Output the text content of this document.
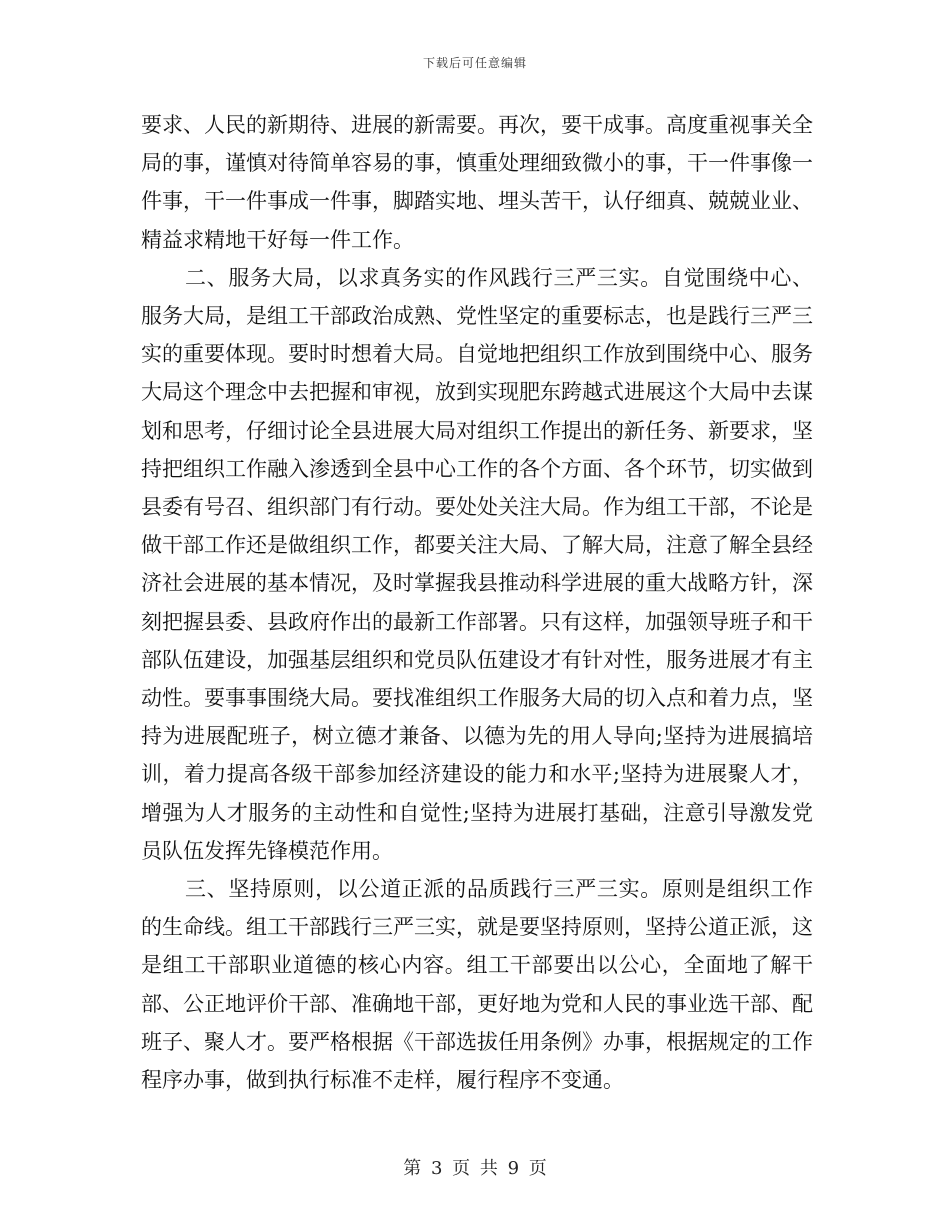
下载后可任意编辑

要求、人民的新期待、进展的新需要。再次，要干成事。高度重视事关全局的事，谨慎对待简单容易的事，慎重处理细致微小的事，干一件事像一件事，干一件事成一件事，脚踏实地、埋头苦干，认仔细真、兢兢业业、精益求精地干好每一件工作。

二、服务大局，以求真务实的作风践行三严三实。自觉围绕中心、服务大局，是组工干部政治成熟、党性坚定的重要标志，也是践行三严三实的重要体现。要时时想着大局。自觉地把组织工作放到围绕中心、服务大局这个理念中去把握和审视，放到实现肥东跨越式进展这个大局中去谋划和思考，仔细讨论全县进展大局对组织工作提出的新任务、新要求，坚持把组织工作融入渗透到全县中心工作的各个方面、各个环节，切实做到县委有号召、组织部门有行动。要处处关注大局。作为组工干部，不论是做干部工作还是做组织工作，都要关注大局、了解大局，注意了解全县经济社会进展的基本情况，及时掌握我县推动科学进展的重大战略方针，深刻把握县委、县政府作出的最新工作部署。只有这样，加强领导班子和干部队伍建设，加强基层组织和党员队伍建设才有针对性，服务进展才有主动性。要事事围绕大局。要找准组织工作服务大局的切入点和着力点，坚持为进展配班子，树立德才兼备、以德为先的用人导向;坚持为进展搞培训，着力提高各级干部参加经济建设的能力和水平;坚持为进展聚人才，增强为人才服务的主动性和自觉性;坚持为进展打基础，注意引导激发党员队伍发挥先锋模范作用。

三、坚持原则，以公道正派的品质践行三严三实。原则是组织工作的生命线。组工干部践行三严三实，就是要坚持原则，坚持公道正派，这是组工干部职业道德的核心内容。组工干部要出以公心，全面地了解干部、公正地评价干部、准确地干部，更好地为党和人民的事业选干部、配班子、聚人才。要严格根据《干部选拔任用条例》办事，根据规定的工作程序办事，做到执行标准不走样，履行程序不变通。

第 3 页 共 9 页
